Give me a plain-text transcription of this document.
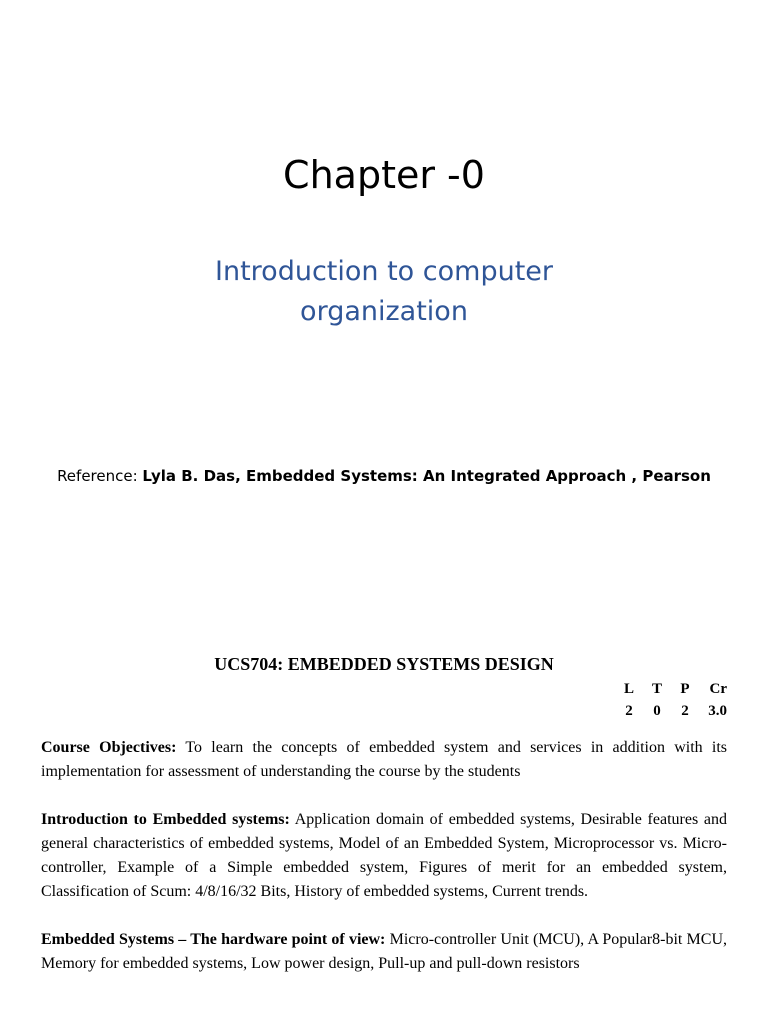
Chapter -0
Introduction to computer
organization
Reference: Lyla B. Das, Embedded Systems: An Integrated Approach , Pearson

UCS704: EMBEDDED SYSTEMS DESIGN

L	T	P	Cr
2	0	2	3.0

Course Objectives: To learn the concepts of embedded system and services in addition with its implementation for assessment of understanding the course by the students

Introduction to Embedded systems: Application domain of embedded systems, Desirable features and general characteristics of embedded systems, Model of an Embedded System, Microprocessor vs. Micro-controller, Example of a Simple embedded system, Figures of merit for an embedded system, Classification of Scum: 4/8/16/32 Bits, History of embedded systems, Current trends.

Embedded Systems – The hardware point of view: Micro-controller Unit (MCU), A Popular8-bit MCU, Memory for embedded systems, Low power design, Pull-up and pull-down resistors
